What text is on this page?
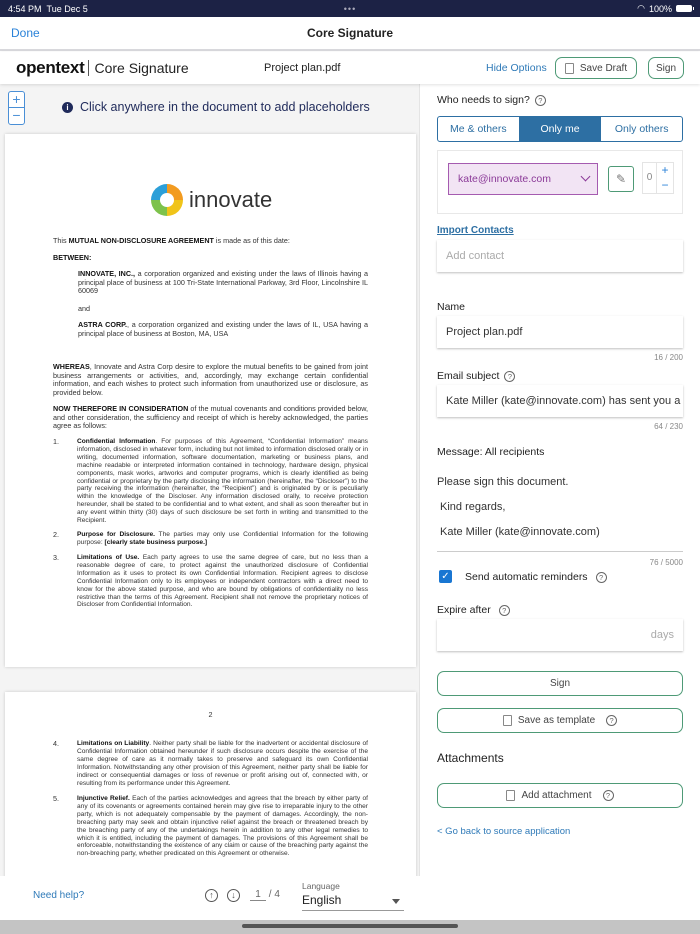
4:54 PM Tue Dec 5	•••	◠ 100%
Done	Core Signature
opentext Core Signature	Project plan.pdf	Hide Options	Save Draft	Sign
+
−	i Click anywhere in the document to add placeholders
innovate
This MUTUAL NON-DISCLOSURE AGREEMENT is made as of this date:
BETWEEN:
INNOVATE, INC., a corporation organized and existing under the laws of Illinois having a principal place of business at 100 Tri-State International Parkway, 3rd Floor, Lincolnshire IL 60069
and
ASTRA CORP., a corporation organized and existing under the laws of IL, USA having a principal place of business at Boston, MA, USA
WHEREAS, Innovate and Astra Corp desire to explore the mutual benefits to be gained from joint business arrangements or activities, and, accordingly, may exchange certain confidential information, and each wishes to protect such information from unauthorized use or disclosure, as provided below.
NOW THEREFORE IN CONSIDERATION of the mutual covenants and conditions provided below, and other consideration, the sufficiency and receipt of which is hereby acknowledged, the parties agree as follows:
1.	Confidential Information. For purposes of this Agreement, “Confidential Information” means information, disclosed in whatever form, including but not limited to information disclosed orally or in writing, documented information, software documentation, marketing or business plans, and machine readable or interpreted information contained in technology, hardware design, physical components, mask works, artworks and computer programs, which is clearly identified as being confidential or proprietary by the party disclosing the information (hereinafter, the “Discloser”) to the party receiving the information (hereinafter, the “Recipient”) and is originated by or is peculiarly within the knowledge of the Discloser. Any information disclosed orally, to receive protection hereunder, shall be stated to be confidential and to what extent, and shall as soon thereafter but in any event within thirty (30) days of such disclosure be set forth in writing and transmitted to the Recipient.
2.	Purpose for Disclosure. The parties may only use Confidential Information for the following purpose: [clearly state business purpose.]
3.	Limitations of Use. Each party agrees to use the same degree of care, but no less than a reasonable degree of care, to protect against the unauthorized disclosure of Confidential Information as it uses to protect its own Confidential Information. Recipient agrees to disclose Confidential Information only to its employees or independent contractors with a direct need to know for the above stated purpose, and who are bound by obligations of confidentiality no less restrictive than the terms of this Agreement. Recipient shall not remove the proprietary notices of Discloser from Confidential Information.
2
4.	Limitations on Liability. Neither party shall be liable for the inadvertent or accidental disclosure of Confidential Information obtained hereunder if such disclosure occurs despite the exercise of the same degree of care as it normally takes to preserve and safeguard its own Confidential Information. Notwithstanding any other provision of this Agreement, neither party shall be liable for indirect or consequential damages or loss of revenue or profit arising out of, connected with, or resulting from its performance under this Agreement.
5.	Injunctive Relief. Each of the parties acknowledges and agrees that the breach by either party of any of its covenants or agreements contained herein may give rise to irreparable injury to the other party, which is not adequately compensable by the payment of damages. Accordingly, the non-breaching party may seek and obtain injunctive relief against the breach or threatened breach by the breaching party of any of the undertakings herein in addition to any other legal remedies to which it is entitled, including the payment of damages. The provisions of this Agreement shall be enforceable, notwithstanding the existence of any claim or cause of the breaching party against the non-breaching party, whether predicated on this Agreement or otherwise.
Need help?	↑	↓	1 / 4
Language
English
Who needs to sign? ?
Me & others	Only me	Only others
kate@innovate.com	✎	0
+
−
Import Contacts
Add contact
Name
Project plan.pdf
16 / 200
Email subject ?
Kate Miller (kate@innovate.com) has sent you a
64 / 230
Message: All recipients
Please sign this document.
Kind regards,
Kate Miller (kate@innovate.com)
76 / 5000
✓ Send automatic reminders ?
Expire after ?
days
Sign
Save as template	?
Attachments
Add attachment	?
< Go back to source application
